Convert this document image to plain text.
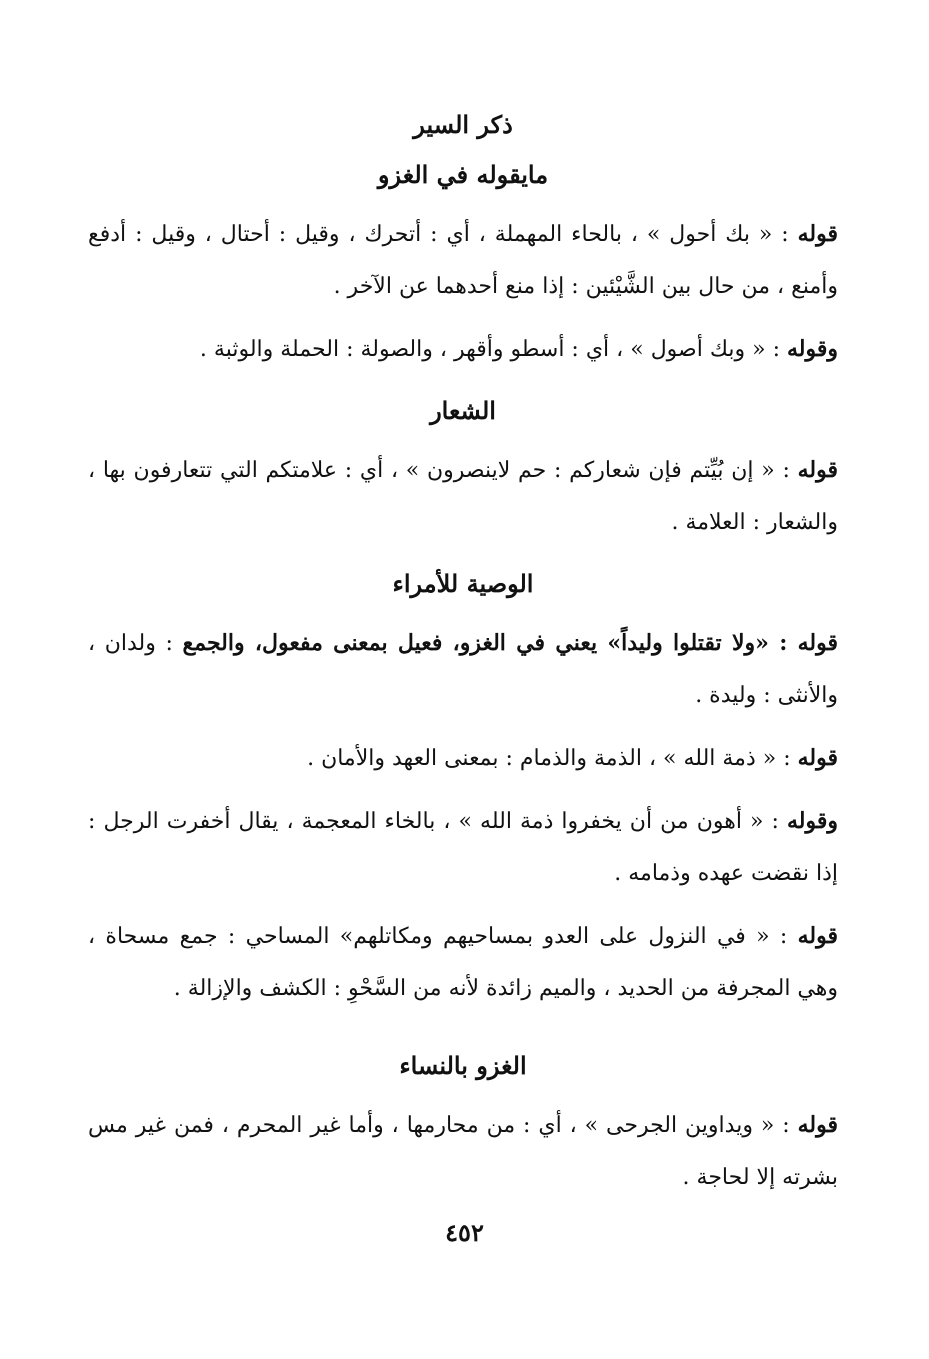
ذكر السير
مايقوله في الغزو

قوله : « بك أحول » ، بالحاء المهملة ، أي : أتحرك ، وقيل : أحتال ، وقيل : أدفع وأمنع ، من حال بين الشَّيْئين : إذا منع أحدهما عن الآخر .

وقوله : « وبك أصول » ، أي : أسطو وأقهر ، والصولة : الحملة والوثبة .

الشعار

قوله : « إن بُيِّتم فإن شعاركم : حم لاينصرون » ، أي : علامتكم التي تتعارفون بها ، والشعار : العلامة .

الوصية للأمراء

قوله : «ولا تقتلوا وليداً» يعني في الغزو، فعيل بمعنى مفعول، والجمع : ولدان ، والأنثى : وليدة .

قوله : « ذمة الله » ، الذمة والذمام : بمعنى العهد والأمان .

وقوله : « أهون من أن يخفروا ذمة الله » ، بالخاء المعجمة ، يقال أخفرت الرجل : إذا نقضت عهده وذمامه .

قوله : « في النزول على العدو بمساحيهم ومكاتلهم» المساحي : جمع مسحاة ، وهي المجرفة من الحديد ، والميم زائدة لأنه من السَّحْوِ : الكشف والإزالة .

الغزو بالنساء

قوله : « ويداوين الجرحى » ، أي : من محارمها ، وأما غير المحرم ، فمن غير مس بشرته إلا لحاجة .

٤٥٢
